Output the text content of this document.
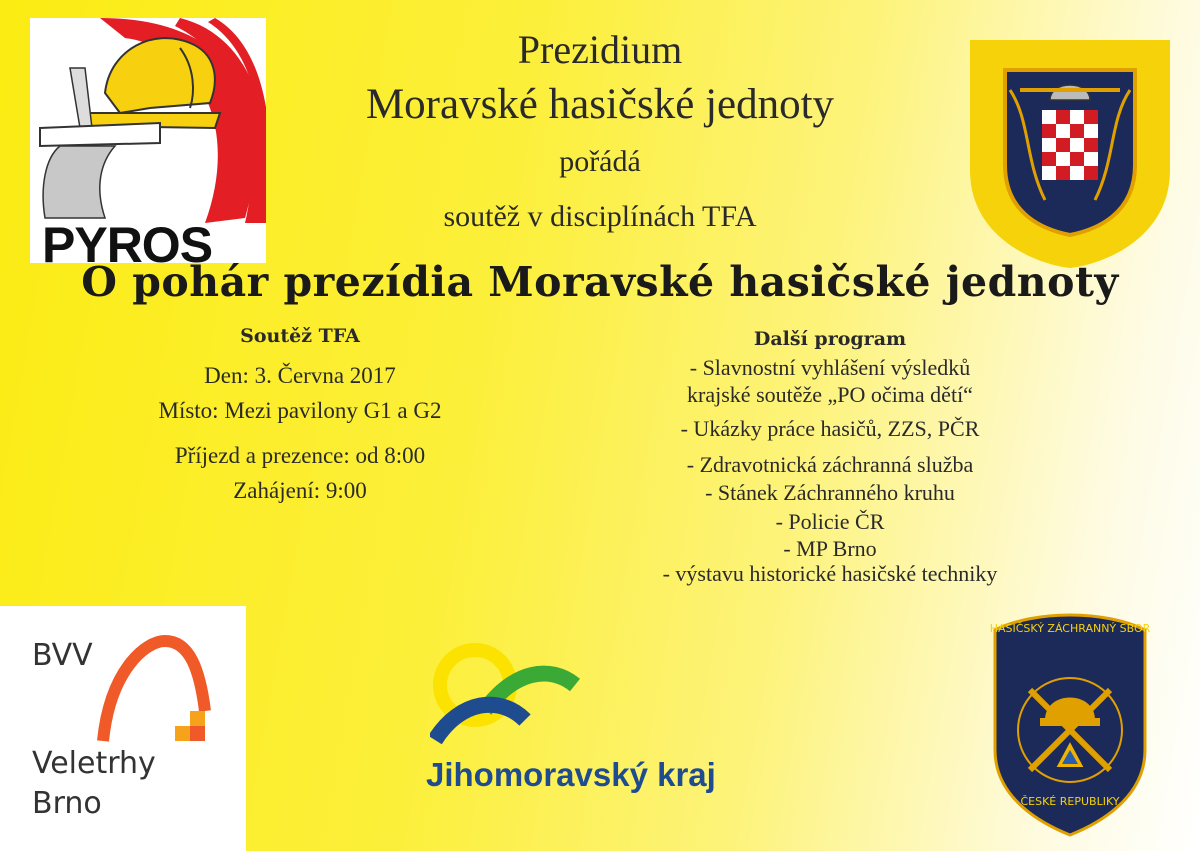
PYROS
Prezidium
Moravské hasičské jednoty
pořádá
soutěž v disciplínách TFA
O pohár prezídia Moravské hasičské jednoty
Soutěž TFA
Den: 3. Června 2017
Místo: Mezi pavilony G1 a G2
Příjezd a prezence: od 8:00
Zahájení: 9:00
Další program
- Slavnostní vyhlášení výsledků
krajské soutěže „PO očima dětí“
- Ukázky práce hasičů, ZZS, PČR
- Zdravotnická záchranná služba
- Stánek Záchranného kruhu
- Policie ČR
- MP Brno
- výstavu historické hasičské techniky
BVV
Veletrhy
Brno
Jihomoravský kraj
HASIČSKÝ ZÁCHRANNÝ SBOR
ČESKÉ REPUBLIKY
